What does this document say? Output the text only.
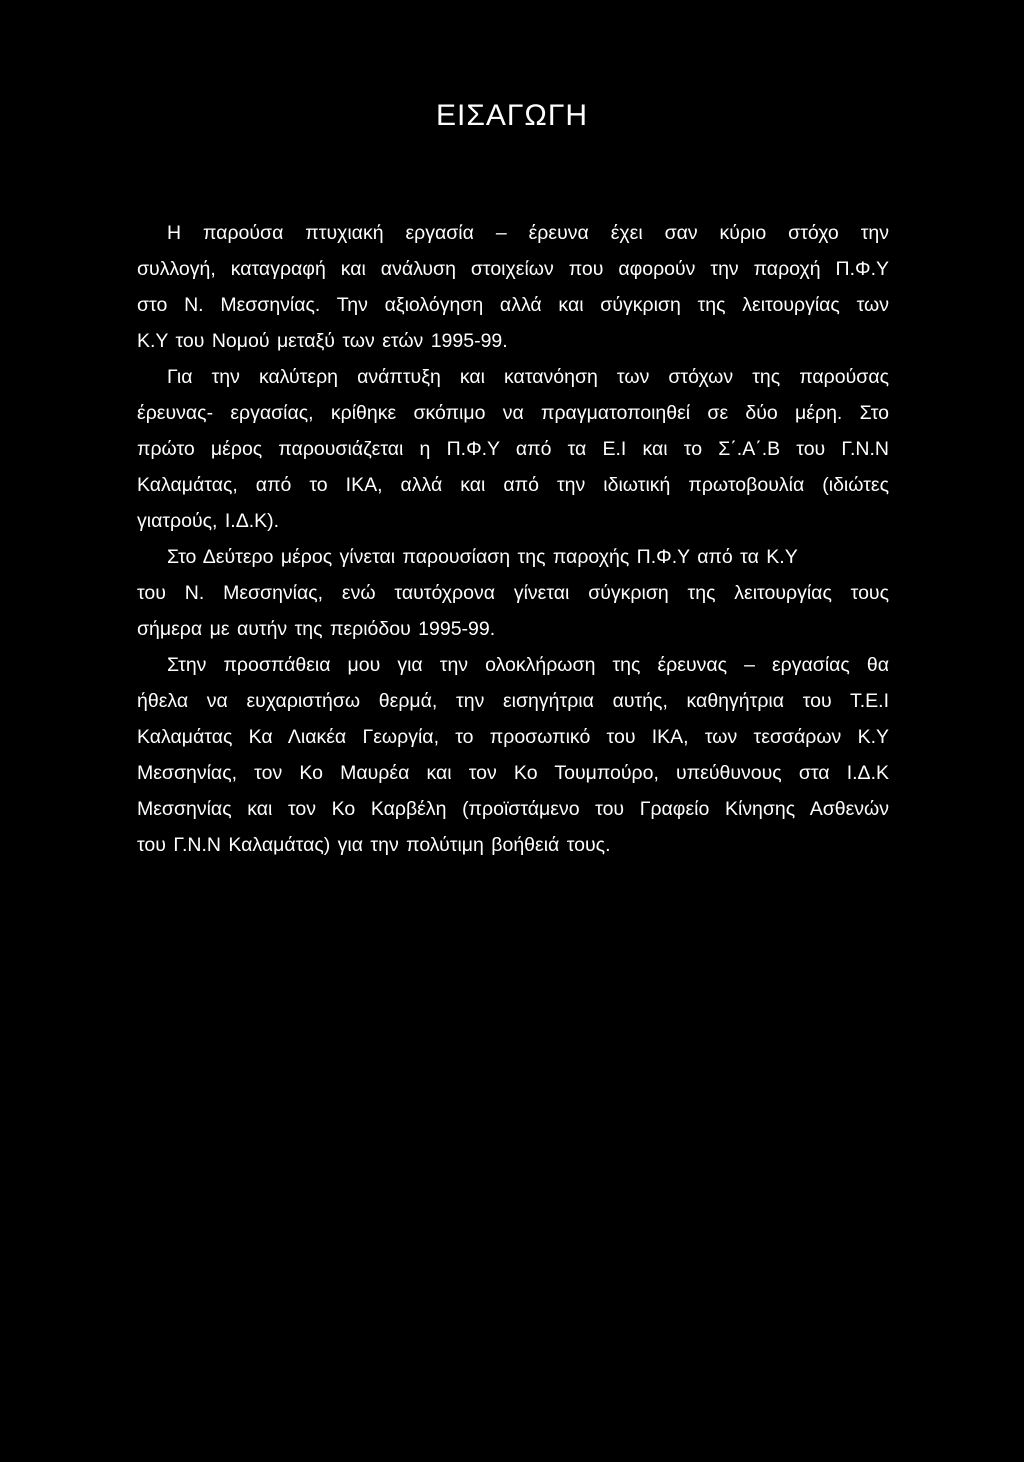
ΕΙΣΑΓΩΓΗ
Η παρούσα πτυχιακή εργασία – έρευνα έχει σαν κύριο στόχο την
συλλογή, καταγραφή και ανάλυση στοιχείων που αφορούν την παροχή Π.Φ.Υ
στο Ν. Μεσσηνίας. Την αξιολόγηση αλλά και σύγκριση της λειτουργίας των
Κ.Υ του Νομού μεταξύ των ετών 1995-99.
Για την καλύτερη ανάπτυξη και κατανόηση των στόχων της παρούσας
έρευνας- εργασίας, κρίθηκε σκόπιμο να πραγματοποιηθεί σε δύο μέρη. Στο
πρώτο μέρος παρουσιάζεται η Π.Φ.Υ από τα Ε.Ι και το Σ΄.Α΄.Β του Γ.Ν.Ν
Καλαμάτας, από το ΙΚΑ, αλλά και από την ιδιωτική πρωτοβουλία (ιδιώτες
γιατρούς, Ι.Δ.Κ).
Στο Δεύτερο μέρος γίνεται παρουσίαση της παροχής Π.Φ.Υ από τα Κ.Υ
του Ν. Μεσσηνίας, ενώ ταυτόχρονα γίνεται σύγκριση της λειτουργίας τους
σήμερα με αυτήν της περιόδου 1995-99.
Στην προσπάθεια μου για την ολοκλήρωση της έρευνας – εργασίας θα
ήθελα να ευχαριστήσω θερμά, την εισηγήτρια αυτής, καθηγήτρια του Τ.Ε.Ι
Καλαμάτας Κα Λιακέα Γεωργία, το προσωπικό του ΙΚΑ, των τεσσάρων Κ.Υ
Μεσσηνίας, τον Κο Μαυρέα και τον Κο Τουμπούρο, υπεύθυνους στα Ι.Δ.Κ
Μεσσηνίας και τον Κο Καρβέλη (προϊστάμενο του Γραφείο Κίνησης Ασθενών
του Γ.Ν.Ν Καλαμάτας) για την πολύτιμη βοήθειά τους.
